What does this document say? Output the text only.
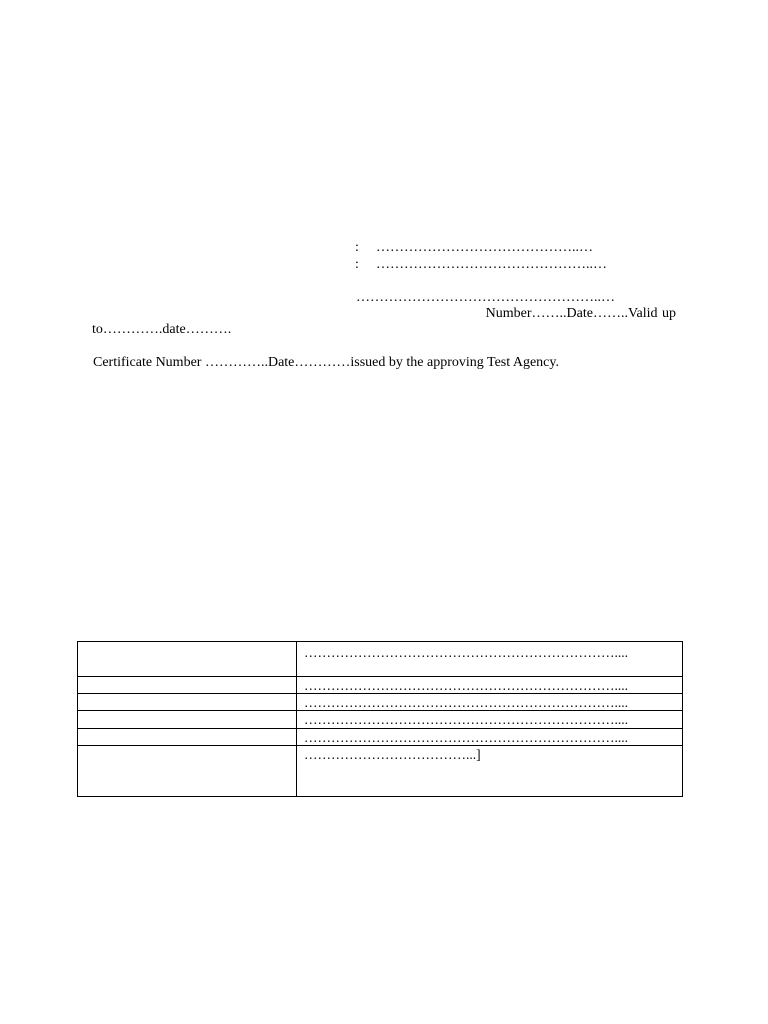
: ……………………………………..…
: ………………………………………..…
……………………………………………..…
Number……..Date……..Valid up
to………….date……….
Certificate Number …………..Date…………issued by the approving Test Agency.
……………………………………………………………....
……………………………………………………………....
……………………………………………………………....
……………………………………………………………....
……………………………………………………………....
………………………………...]
